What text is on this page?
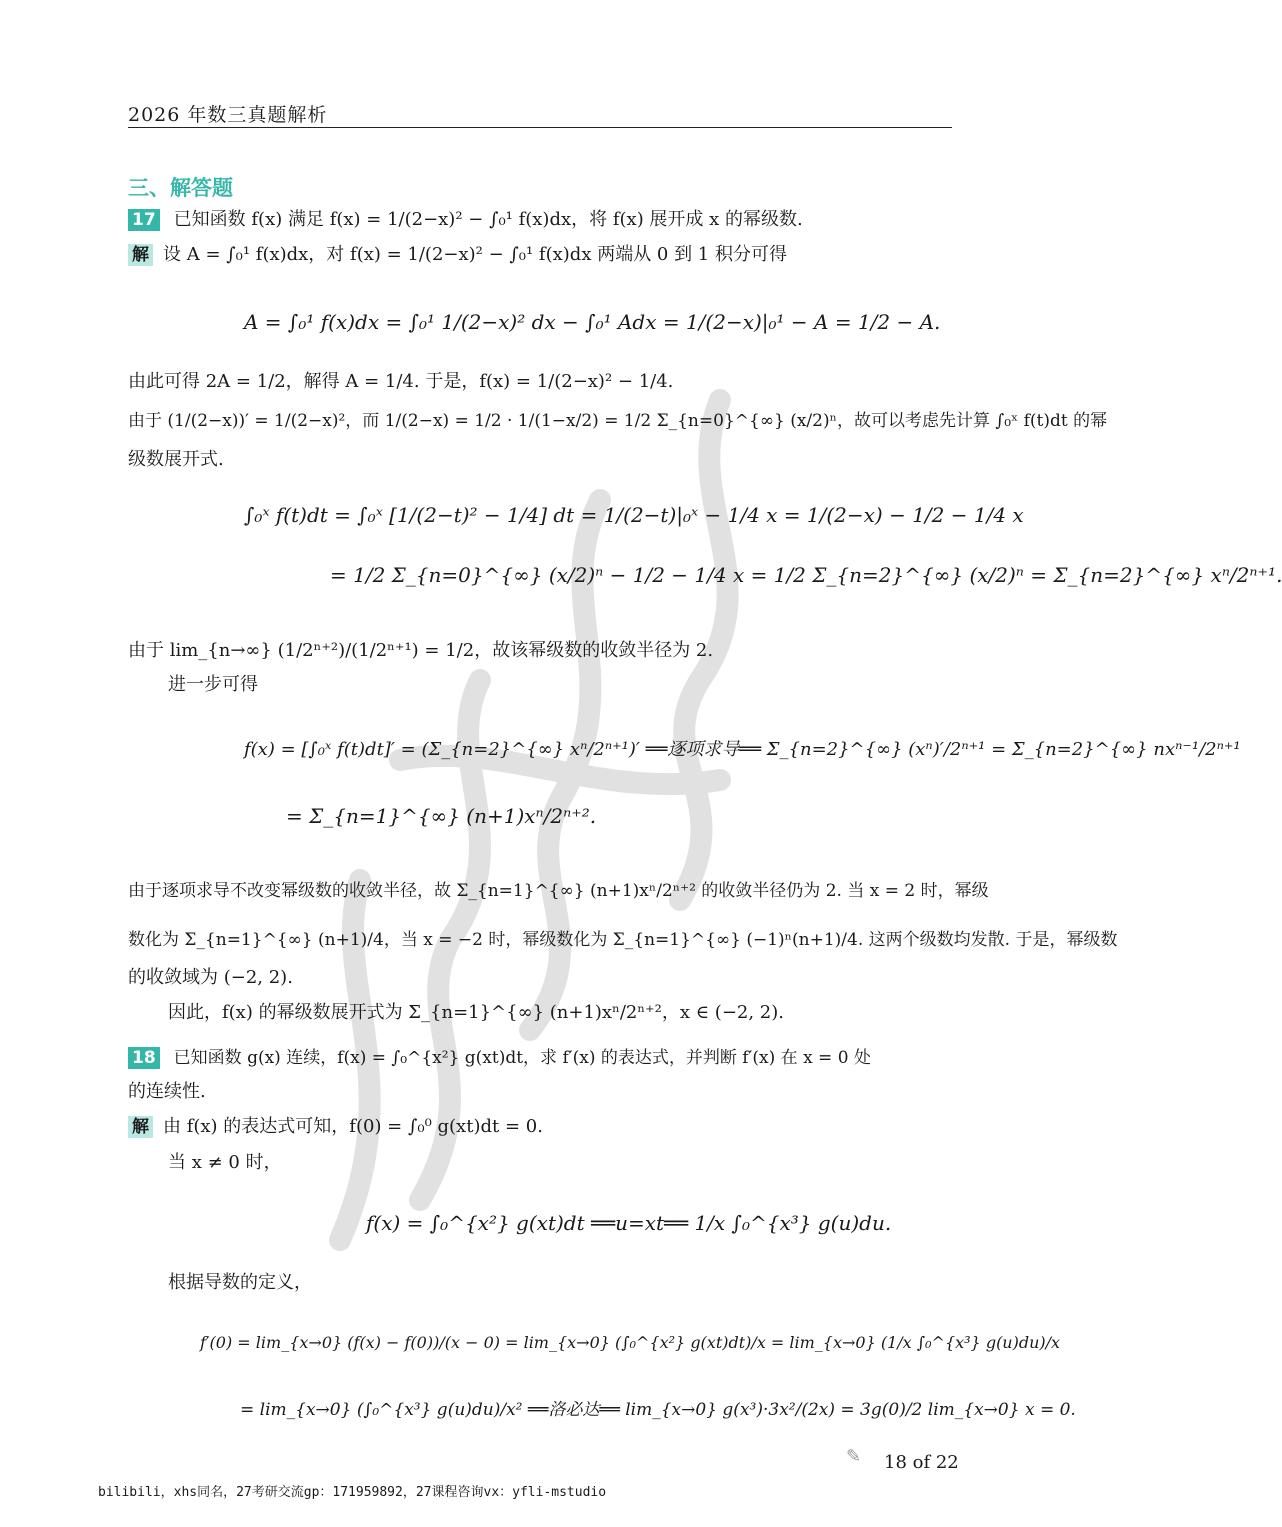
2026 年数三真题解析
三、解答题
17 已知函数 f(x) 满足 f(x) = 1/(2−x)² − ∫₀¹ f(x)dx，将 f(x) 展开成 x 的幂级数.
解 设 A = ∫₀¹ f(x)dx，对 f(x) = 1/(2−x)² − ∫₀¹ f(x)dx 两端从 0 到 1 积分可得
A = ∫₀¹ f(x)dx = ∫₀¹ 1/(2−x)² dx − ∫₀¹ Adx = 1/(2−x)|₀¹ − A = 1/2 − A.
由此可得 2A = 1/2，解得 A = 1/4. 于是，f(x) = 1/(2−x)² − 1/4.
由于 (1/(2−x))′ = 1/(2−x)²，而 1/(2−x) = 1/2 · 1/(1−x/2) = 1/2 Σ_{n=0}^{∞} (x/2)ⁿ，故可以考虑先计算 ∫₀ˣ f(t)dt 的幂
级数展开式.
∫₀ˣ f(t)dt = ∫₀ˣ [1/(2−t)² − 1/4] dt = 1/(2−t)|₀ˣ − 1/4 x = 1/(2−x) − 1/2 − 1/4 x
= 1/2 Σ_{n=0}^{∞} (x/2)ⁿ − 1/2 − 1/4 x = 1/2 Σ_{n=2}^{∞} (x/2)ⁿ = Σ_{n=2}^{∞} xⁿ/2ⁿ⁺¹.
由于 lim_{n→∞} (1/2ⁿ⁺²)/(1/2ⁿ⁺¹) = 1/2，故该幂级数的收敛半径为 2.
进一步可得
f(x) = [∫₀ˣ f(t)dt]′ = (Σ_{n=2}^{∞} xⁿ/2ⁿ⁺¹)′ ══逐项求导══ Σ_{n=2}^{∞} (xⁿ)′/2ⁿ⁺¹ = Σ_{n=2}^{∞} nxⁿ⁻¹/2ⁿ⁺¹
= Σ_{n=1}^{∞} (n+1)xⁿ/2ⁿ⁺².
由于逐项求导不改变幂级数的收敛半径，故 Σ_{n=1}^{∞} (n+1)xⁿ/2ⁿ⁺² 的收敛半径仍为 2. 当 x = 2 时，幂级
数化为 Σ_{n=1}^{∞} (n+1)/4，当 x = −2 时，幂级数化为 Σ_{n=1}^{∞} (−1)ⁿ(n+1)/4. 这两个级数均发散. 于是，幂级数
的收敛域为 (−2, 2).
因此，f(x) 的幂级数展开式为 Σ_{n=1}^{∞} (n+1)xⁿ/2ⁿ⁺²，x ∈ (−2, 2).
18 已知函数 g(x) 连续，f(x) = ∫₀^{x²} g(xt)dt，求 f′(x) 的表达式，并判断 f′(x) 在 x = 0 处
的连续性.
解 由 f(x) 的表达式可知，f(0) = ∫₀⁰ g(xt)dt = 0.
当 x ≠ 0 时，
f(x) = ∫₀^{x²} g(xt)dt ══u=xt══ 1/x ∫₀^{x³} g(u)du.
根据导数的定义，
f′(0) = lim_{x→0} (f(x) − f(0))/(x − 0) = lim_{x→0} (∫₀^{x²} g(xt)dt)/x = lim_{x→0} (1/x ∫₀^{x³} g(u)du)/x
= lim_{x→0} (∫₀^{x³} g(u)du)/x² ══洛必达══ lim_{x→0} g(x³)·3x²/(2x) = 3g(0)/2 lim_{x→0} x = 0.
✎ 18 of 22
bilibili，xhs同名，27考研交流gp：171959892，27课程咨询vx：yfli-mstudio
